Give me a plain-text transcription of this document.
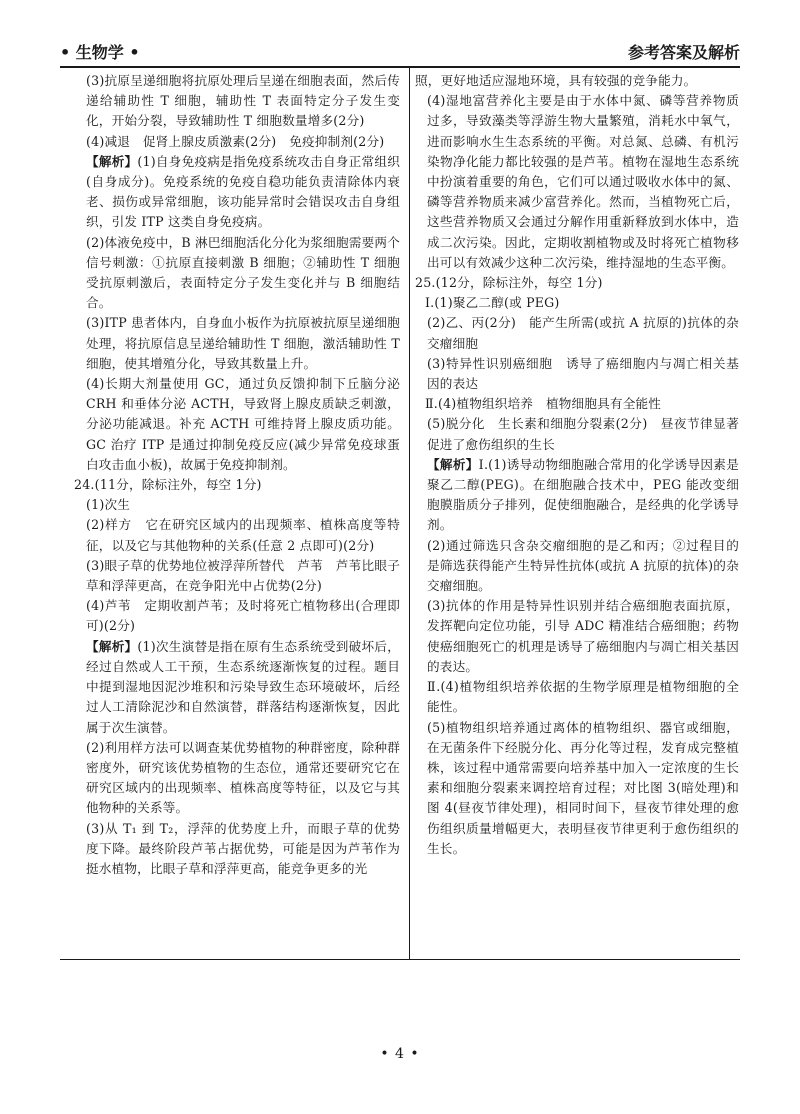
• 生物学 •	参考答案及解析

(3)抗原呈递细胞将抗原处理后呈递在细胞表面，然后传递给辅助性 T 细胞，辅助性 T 表面特定分子发生变化，开始分裂，导致辅助性 T 细胞数量增多(2分)

(4)减退　促肾上腺皮质激素(2分)　免疫抑制剂(2分)

【解析】(1)自身免疫病是指免疫系统攻击自身正常组织(自身成分)。免疫系统的免疫自稳功能负责清除体内衰老、损伤或异常细胞，该功能异常时会错误攻击自身组织，引发 ITP 这类自身免疫病。

(2)体液免疫中，B 淋巴细胞活化分化为浆细胞需要两个信号刺激：①抗原直接刺激 B 细胞；②辅助性 T 细胞受抗原刺激后，表面特定分子发生变化并与 B 细胞结合。

(3)ITP 患者体内，自身血小板作为抗原被抗原呈递细胞处理，将抗原信息呈递给辅助性 T 细胞，激活辅助性 T 细胞，使其增殖分化，导致其数量上升。

(4)长期大剂量使用 GC，通过负反馈抑制下丘脑分泌 CRH 和垂体分泌 ACTH，导致肾上腺皮质缺乏刺激，分泌功能减退。补充 ACTH 可维持肾上腺皮质功能。GC 治疗 ITP 是通过抑制免疫反应(减少异常免疫球蛋白攻击血小板)，故属于免疫抑制剂。

24.(11分，除标注外，每空 1分)

(1)次生

(2)样方　它在研究区域内的出现频率、植株高度等特征，以及它与其他物种的关系(任意 2 点即可)(2分)

(3)眼子草的优势地位被浮萍所替代　芦苇　芦苇比眼子草和浮萍更高，在竞争阳光中占优势(2分)

(4)芦苇　定期收割芦苇；及时将死亡植物移出(合理即可)(2分)

【解析】(1)次生演替是指在原有生态系统受到破坏后，经过自然或人工干预，生态系统逐渐恢复的过程。题目中提到湿地因泥沙堆积和污染导致生态环境破坏，后经过人工清除泥沙和自然演替，群落结构逐渐恢复，因此属于次生演替。

(2)利用样方法可以调查某优势植物的种群密度，除种群密度外，研究该优势植物的生态位，通常还要研究它在研究区域内的出现频率、植株高度等特征，以及它与其他物种的关系等。

(3)从 T₁ 到 T₂，浮萍的优势度上升，而眼子草的优势度下降。最终阶段芦苇占据优势，可能是因为芦苇作为挺水植物，比眼子草和浮萍更高，能竞争更多的光

照，更好地适应湿地环境，具有较强的竞争能力。

(4)湿地富营养化主要是由于水体中氮、磷等营养物质过多，导致藻类等浮游生物大量繁殖，消耗水中氧气，进而影响水生生态系统的平衡。对总氮、总磷、有机污染物净化能力都比较强的是芦苇。植物在湿地生态系统中扮演着重要的角色，它们可以通过吸收水体中的氮、磷等营养物质来减少富营养化。然而，当植物死亡后，这些营养物质又会通过分解作用重新释放到水体中，造成二次污染。因此，定期收割植物或及时将死亡植物移出可以有效减少这种二次污染，维持湿地的生态平衡。

25.(12分，除标注外，每空 1分)

Ⅰ.(1)聚乙二醇(或 PEG)

(2)乙、丙(2分)　能产生所需(或抗 A 抗原的)抗体的杂交瘤细胞

(3)特异性识别癌细胞　诱导了癌细胞内与凋亡相关基因的表达

Ⅱ.(4)植物组织培养　植物细胞具有全能性

(5)脱分化　生长素和细胞分裂素(2分)　昼夜节律显著促进了愈伤组织的生长

【解析】Ⅰ.(1)诱导动物细胞融合常用的化学诱导因素是聚乙二醇(PEG)。在细胞融合技术中，PEG 能改变细胞膜脂质分子排列，促使细胞融合，是经典的化学诱导剂。

(2)通过筛选只含杂交瘤细胞的是乙和丙；②过程目的是筛选获得能产生特异性抗体(或抗 A 抗原的抗体)的杂交瘤细胞。

(3)抗体的作用是特异性识别并结合癌细胞表面抗原，发挥靶向定位功能，引导 ADC 精准结合癌细胞；药物使癌细胞死亡的机理是诱导了癌细胞内与凋亡相关基因的表达。

Ⅱ.(4)植物组织培养依据的生物学原理是植物细胞的全能性。

(5)植物组织培养通过离体的植物组织、器官或细胞，在无菌条件下经脱分化、再分化等过程，发育成完整植株，该过程中通常需要向培养基中加入一定浓度的生长素和细胞分裂素来调控培育过程；对比图 3(暗处理)和图 4(昼夜节律处理)，相同时间下，昼夜节律处理的愈伤组织质量增幅更大，表明昼夜节律更利于愈伤组织的生长。

• 4 •
